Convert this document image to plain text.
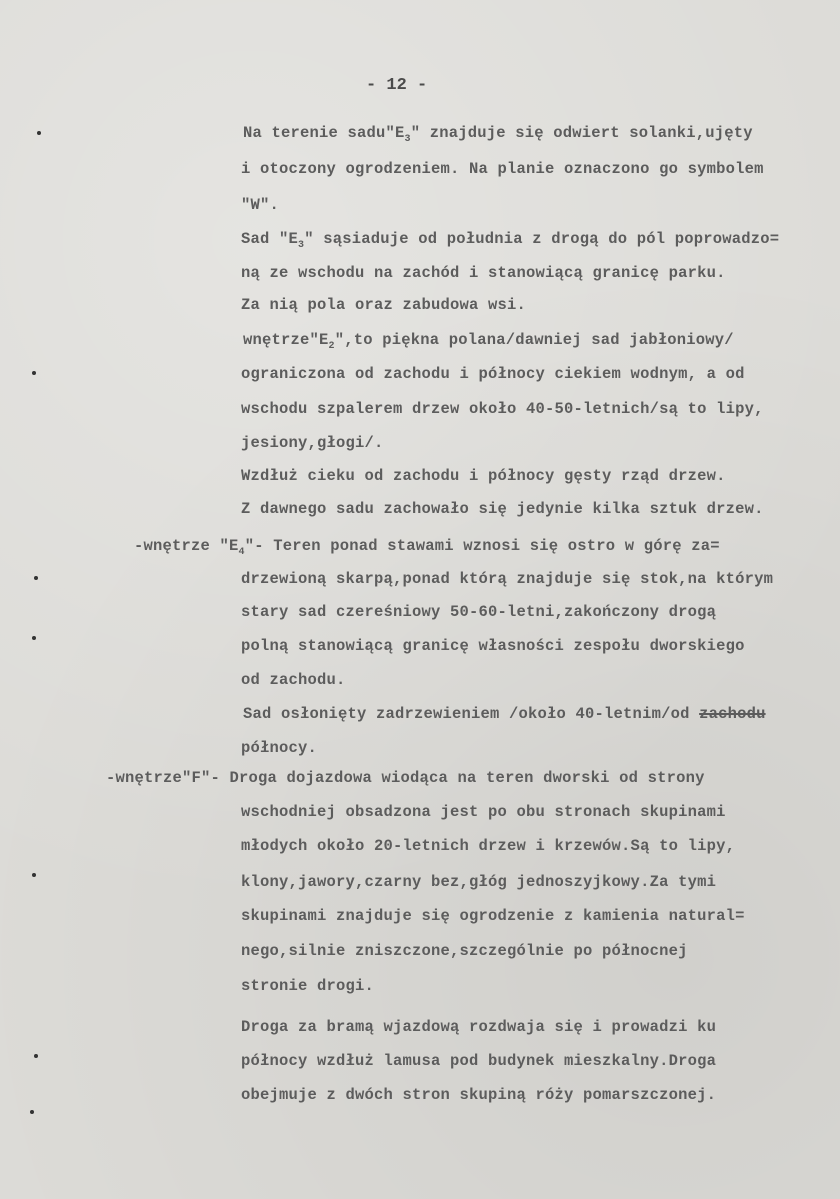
- 12 -
Na terenie $sadu"E_3$" znajduje się odwiert solanki,ujęty
i otoczony ogrodzeniem. Na planie oznaczono go symbolem
"W".
Sad "$E_3$" sąsiaduje od południa z drogą do pól poprowadzo=
ną ze wschodu na zachód i stanowiącą granicę parku.
Za nią pola oraz zabudowa wsi.
$wnętrze"E_2",to$ piękna polana/dawniej sad jabłoniowy/
ograniczona od zachodu i północy ciekiem wodnym, a od
wschodu szpalerem drzew około 40-50-letnich/są to lipy,
jesiony,głogi/.
Wzdłuż cieku od zachodu i północy gęsty rząd drzew.
Z dawnego sadu zachowało się jedynie kilka sztuk drzew.
-wnętrze "$E_4"-$ Teren ponad stawami wznosi się ostro w górę za=
drzewioną skarpą,ponad którą znajduje się stok,na którym
stary sad czereśniowy 50-60-letni,zakończony drogą
polną stanowiącą granicę własności zespołu dworskiego
od zachodu.
Sad osłonięty zadrzewieniem /około 40-letnim/od zachodu
północy.
-wnętrze"F"- Droga dojazdowa wiodąca na teren dworski od strony
wschodniej obsadzona jest po obu stronach skupinami
młodych około 20-letnich drzew i krzewów.Są to lipy,
klony,jawory,czarny bez,głóg jednoszyjkowy.Za tymi
skupinami znajduje się ogrodzenie z kamienia natural=
nego,silnie zniszczone,szczególnie po północnej
stronie drogi.
Droga za bramą wjazdową rozdwaja się i prowadzi ku
północy wzdłuż lamusa pod budynek mieszkalny.Droga
obejmuje z dwóch stron skupiną róży pomarszczonej.
